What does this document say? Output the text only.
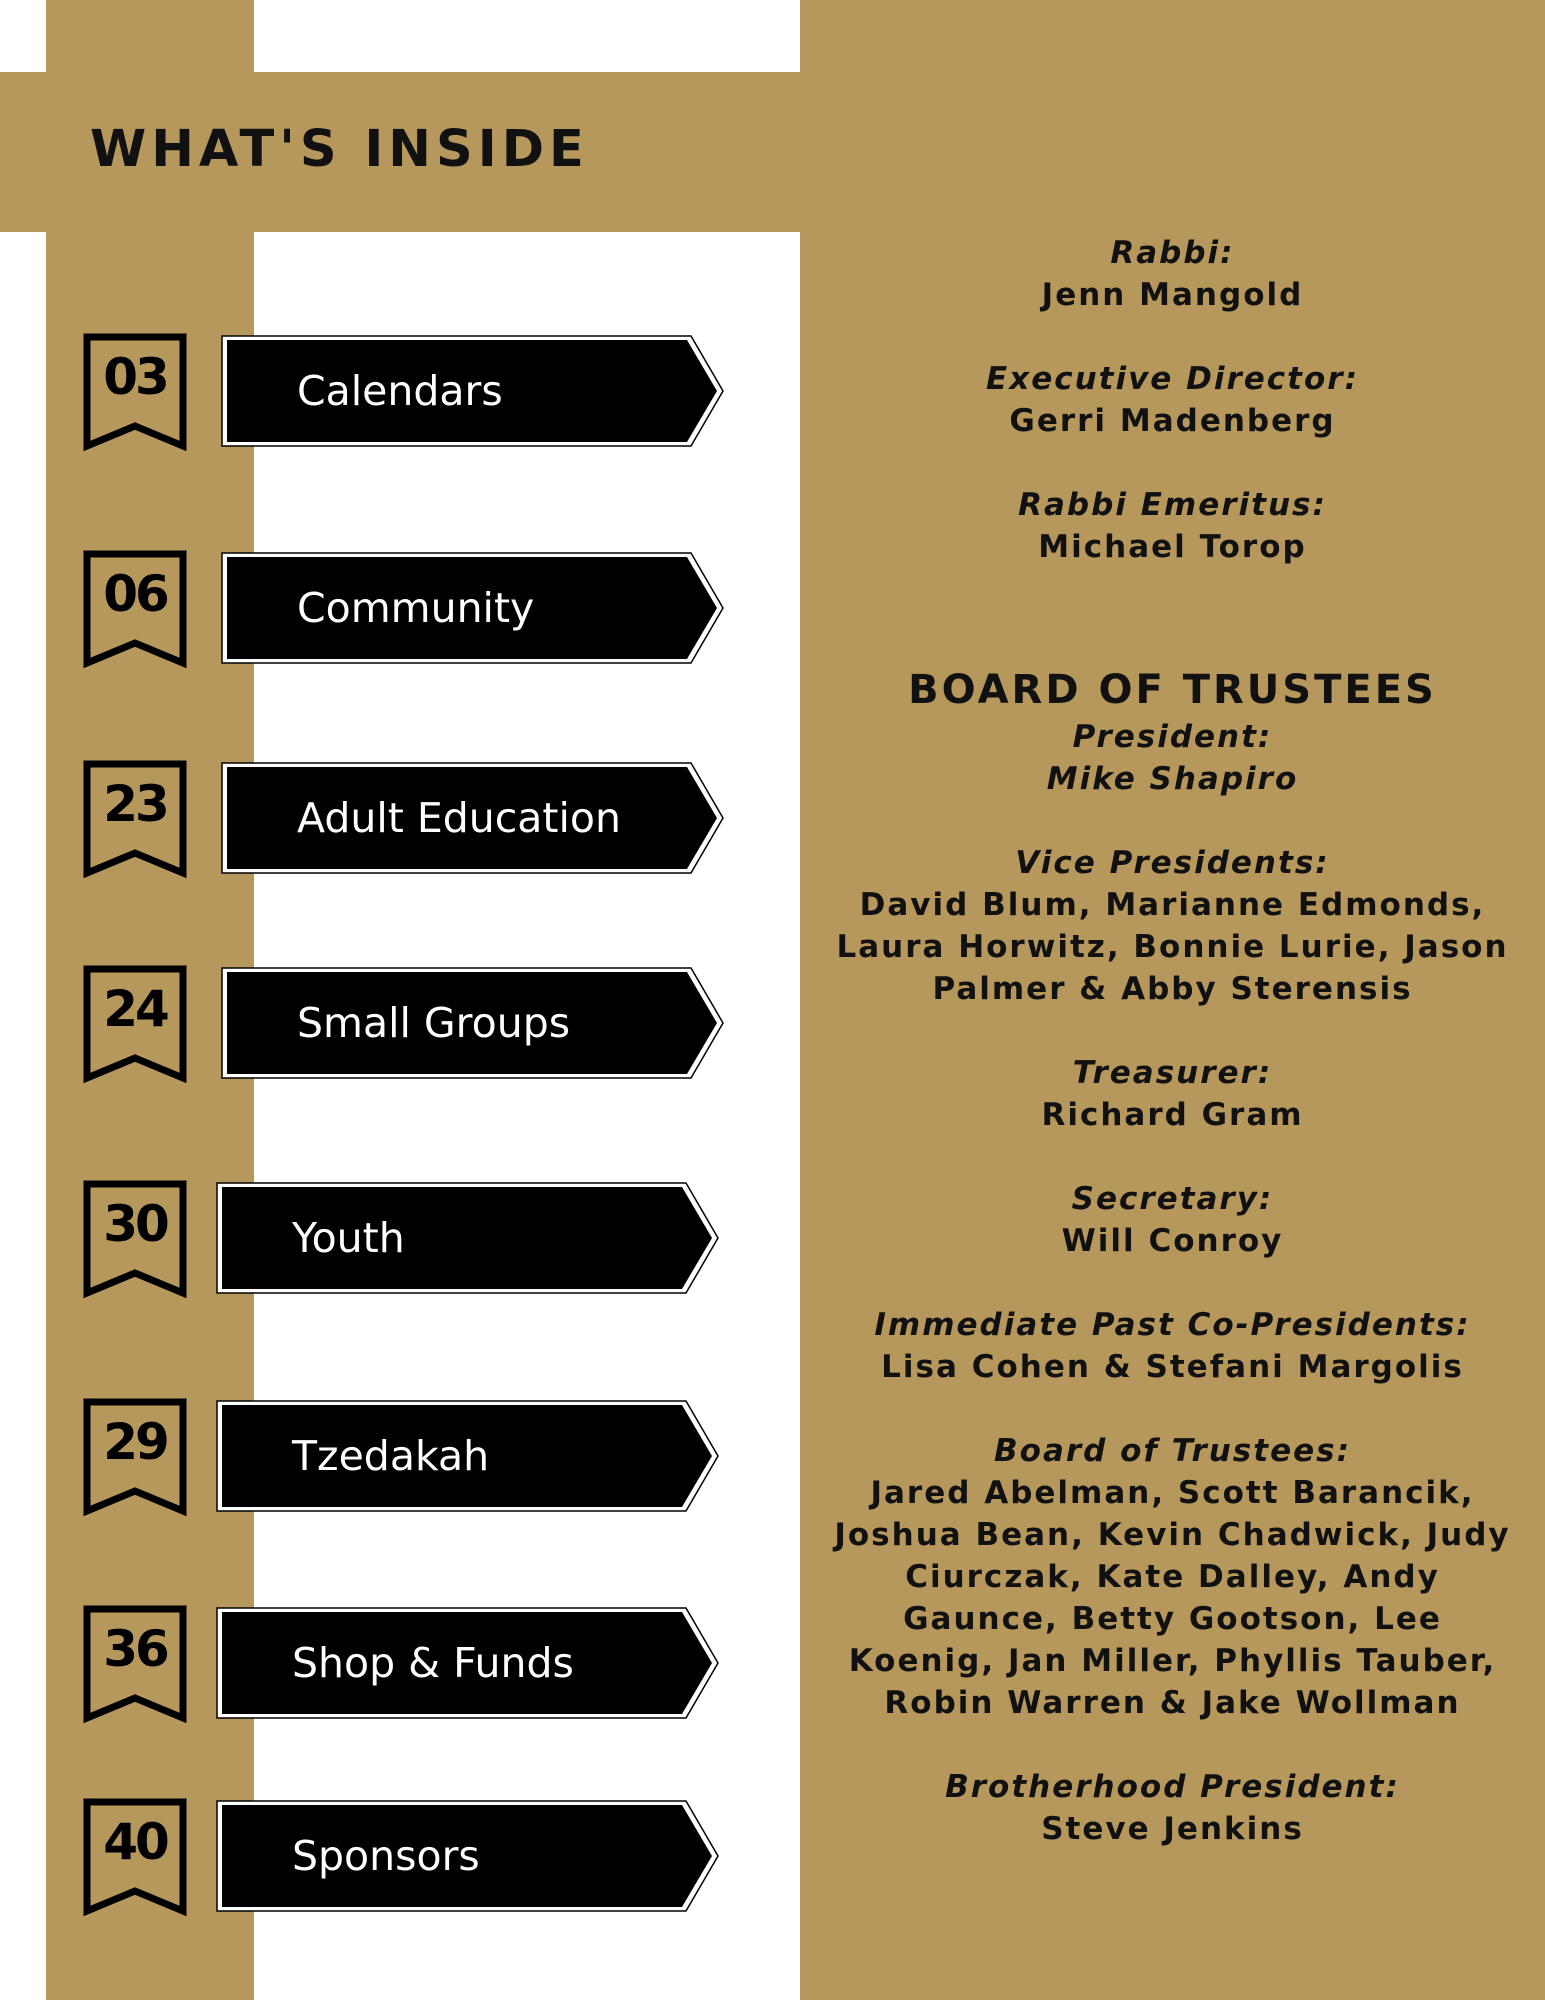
WHAT'S INSIDE
03	Calendars
06	Community
23	Adult Education
24	Small Groups
30	Youth
29	Tzedakah
36	Shop & Funds
40	Sponsors
Rabbi:
Jenn Mangold
Executive Director:
Gerri Madenberg
Rabbi Emeritus:
Michael Torop
BOARD OF TRUSTEES
President:
Mike Shapiro
Vice Presidents:
David Blum, Marianne Edmonds, Laura Horwitz, Bonnie Lurie, Jason Palmer & Abby Sterensis
Treasurer:
Richard Gram
Secretary:
Will Conroy
Immediate Past Co-Presidents:
Lisa Cohen & Stefani Margolis
Board of Trustees:
Jared Abelman, Scott Barancik, Joshua Bean, Kevin Chadwick, Judy Ciurczak, Kate Dalley, Andy Gaunce, Betty Gootson, Lee Koenig, Jan Miller, Phyllis Tauber, Robin Warren & Jake Wollman
Brotherhood President:
Steve Jenkins
